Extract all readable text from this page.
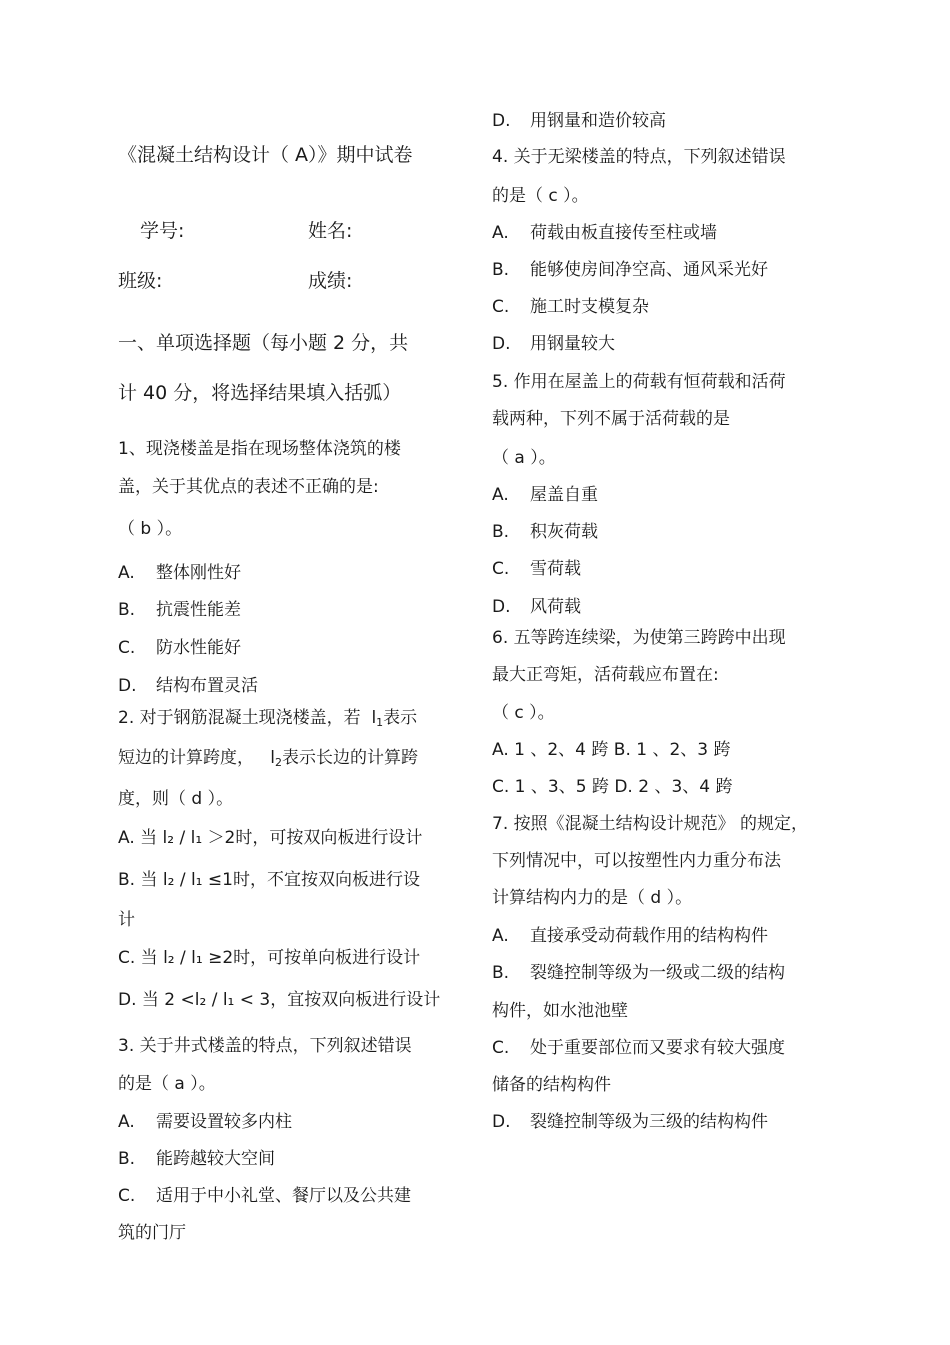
《混凝土结构设计（ A）》期中试卷
学号:	姓名:
班级:	成绩:
一、单项选择题（每小题 2 分，共
计 40 分，将选择结果填入括弧）
1、现浇楼盖是指在现场整体浇筑的楼
盖，关于其优点的表述不正确的是:
（ b ）。
A. 整体刚性好
B. 抗震性能差
C. 防水性能好
D. 结构布置灵活
2. 对于钢筋混凝土现浇楼盖，若 $l_1$表示
短边的计算跨度， $l_2$表示长边的计算跨
度，则（ d ）。
A. 当 l₂ / l₁ ＞2时，可按双向板进行设计
B. 当 l₂ / l₁ ≤1时，不宜按双向板进行设
计
C. 当 l₂ / l₁ ≥2时，可按单向板进行设计
D. 当 2 <l₂ / l₁ < 3，宜按双向板进行设计
3. 关于井式楼盖的特点，下列叙述错误
的是（ a ）。
A. 需要设置较多内柱
B. 能跨越较大空间
C. 适用于中小礼堂、餐厅以及公共建
筑的门厅
D. 用钢量和造价较高
4. 关于无梁楼盖的特点，下列叙述错误
的是（ c ）。
A. 荷载由板直接传至柱或墙
B. 能够使房间净空高、通风采光好
C. 施工时支模复杂
D. 用钢量较大
5. 作用在屋盖上的荷载有恒荷载和活荷
载两种，下列不属于活荷载的是
（ a ）。
A. 屋盖自重
B. 积灰荷载
C. 雪荷载
D. 风荷载
6. 五等跨连续梁，为使第三跨跨中出现
最大正弯矩，活荷载应布置在:
（ c ）。
A. 1 、2、4 跨 B. 1 、2、3 跨
C. 1 、3、5 跨 D. 2 、3、4 跨
7. 按照《混凝土结构设计规范》 的规定，
下列情况中，可以按塑性内力重分布法
计算结构内力的是（ d ）。
A. 直接承受动荷载作用的结构构件
B. 裂缝控制等级为一级或二级的结构
构件，如水池池壁
C. 处于重要部位而又要求有较大强度
储备的结构构件
D. 裂缝控制等级为三级的结构构件
